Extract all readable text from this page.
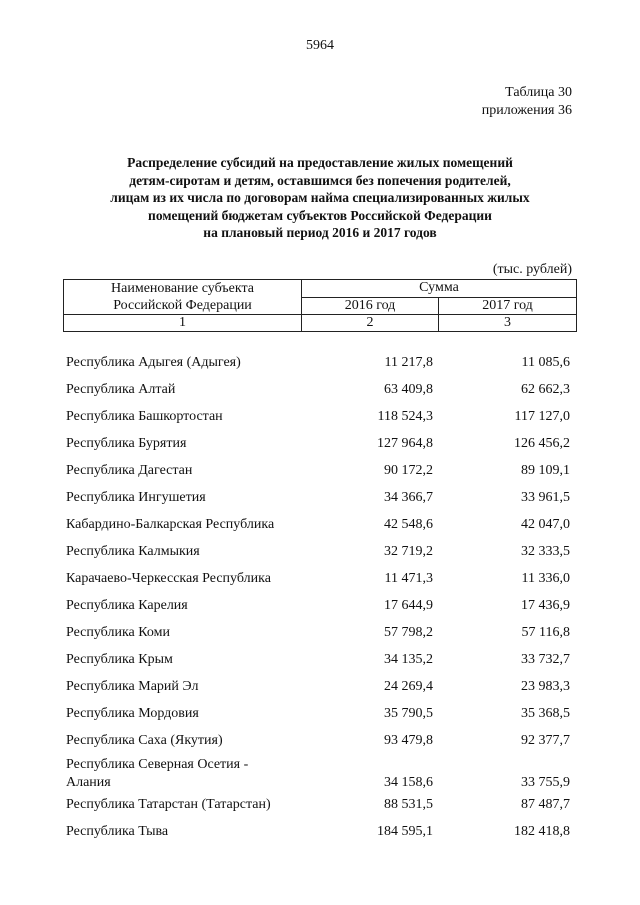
5964
Таблица 30
приложения 36
Распределение субсидий на предоставление жилых помещений
детям-сиротам и детям, оставшимся без попечения родителей,
лицам из их числа по договорам найма специализированных жилых
помещений бюджетам субъектов Российской Федерации
на плановый период 2016 и 2017 годов
(тыс. рублей)
Наименование субъекта
Российской Федерации	Сумма	
	2016 год	2017 год
1	2	3
Республика Адыгея (Адыгея)	11 217,8	11 085,6
Республика Алтай	63 409,8	62 662,3
Республика Башкортостан	118 524,3	117 127,0
Республика Бурятия	127 964,8	126 456,2
Республика Дагестан	90 172,2	89 109,1
Республика Ингушетия	34 366,7	33 961,5
Кабардино-Балкарская Республика	42 548,6	42 047,0
Республика Калмыкия	32 719,2	32 333,5
Карачаево-Черкесская Республика	11 471,3	11 336,0
Республика Карелия	17 644,9	17 436,9
Республика Коми	57 798,2	57 116,8
Республика Крым	34 135,2	33 732,7
Республика Марий Эл	24 269,4	23 983,3
Республика Мордовия	35 790,5	35 368,5
Республика Саха (Якутия)	93 479,8	92 377,7
Республика Северная Осетия -
Алания	34 158,6	33 755,9
Республика Татарстан (Татарстан)	88 531,5	87 487,7
Республика Тыва	184 595,1	182 418,8
